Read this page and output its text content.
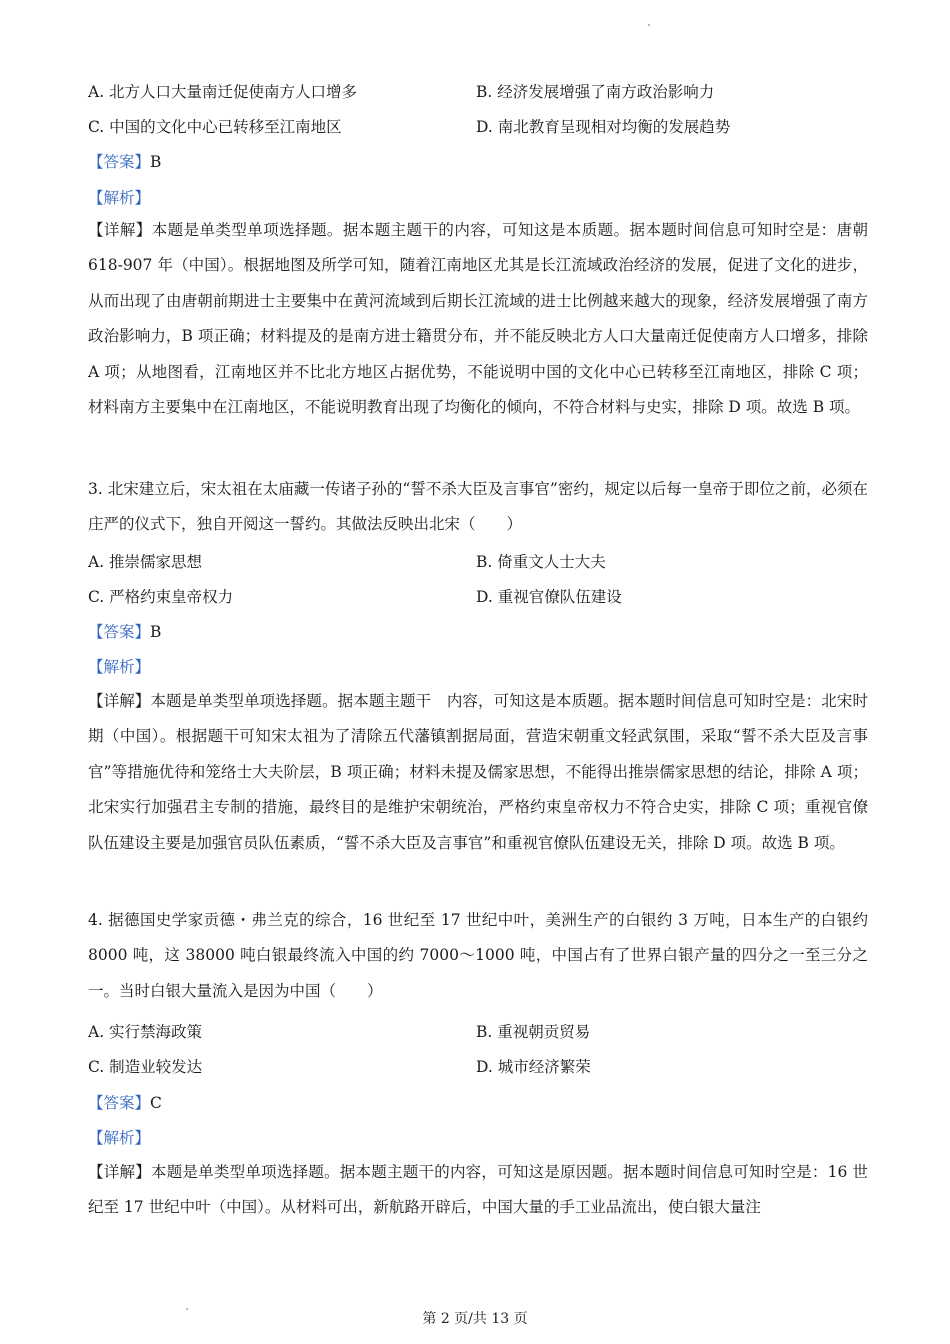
A. 北方人口大量南迁促使南方人口增多	B. 经济发展增强了南方政治影响力
C. 中国的文化中心已转移至江南地区	D. 南北教育呈现相对均衡的发展趋势
【答案】B
【解析】

【详解】本题是单类型单项选择题。据本题主题干的内容，可知这是本质题。据本题时间信息可知时空是：唐朝 618-907 年（中国）。根据地图及所学可知，随着江南地区尤其是长江流域政治经济的发展，促进了文化的进步，从而出现了由唐朝前期进士主要集中在黄河流域到后期长江流域的进士比例越来越大的现象，经济发展增强了南方政治影响力，B 项正确；材料提及的是南方进士籍贯分布，并不能反映北方人口大量南迁促使南方人口增多，排除 A 项；从地图看，江南地区并不比北方地区占据优势，不能说明中国的文化中心已转移至江南地区，排除 C 项；材料南方主要集中在江南地区，不能说明教育出现了均衡化的倾向，不符合材料与史实，排除 D 项。故选 B 项。

3. 北宋建立后，宋太祖在太庙藏一传诸子孙的“誓不杀大臣及言事官”密约，规定以后每一皇帝于即位之前，必须在庄严的仪式下，独自开阅这一誓约。其做法反映出北宋（　　）

A. 推崇儒家思想	B. 倚重文人士大夫
C. 严格约束皇帝权力	D. 重视官僚队伍建设
【答案】B
【解析】

【详解】本题是单类型单项选择题。据本题主题干　内容，可知这是本质题。据本题时间信息可知时空是：北宋时期（中国）。根据题干可知宋太祖为了清除五代藩镇割据局面，营造宋朝重文轻武氛围，采取“誓不杀大臣及言事官”等措施优待和笼络士大夫阶层，B 项正确；材料未提及儒家思想，不能得出推崇儒家思想的结论，排除 A 项；北宋实行加强君主专制的措施，最终目的是维护宋朝统治，严格约束皇帝权力不符合史实，排除 C 项；重视官僚队伍建设主要是加强官员队伍素质，“誓不杀大臣及言事官”和重视官僚队伍建设无关，排除 D 项。故选 B 项。

4. 据德国史学家贡德・弗兰克的综合，16 世纪至 17 世纪中叶，美洲生产的白银约 3 万吨，日本生产的白银约 8000 吨，这 38000 吨白银最终流入中国的约 7000～1000 吨，中国占有了世界白银产量的四分之一至三分之一。当时白银大量流入是因为中国（　　）

A. 实行禁海政策	B. 重视朝贡贸易
C. 制造业较发达	D. 城市经济繁荣
【答案】C
【解析】

【详解】本题是单类型单项选择题。据本题主题干的内容，可知这是原因题。据本题时间信息可知时空是：16 世纪至 17 世纪中叶（中国）。从材料可出，新航路开辟后，中国大量的手工业品流出，使白银大量注

第 2 页/共 13 页
